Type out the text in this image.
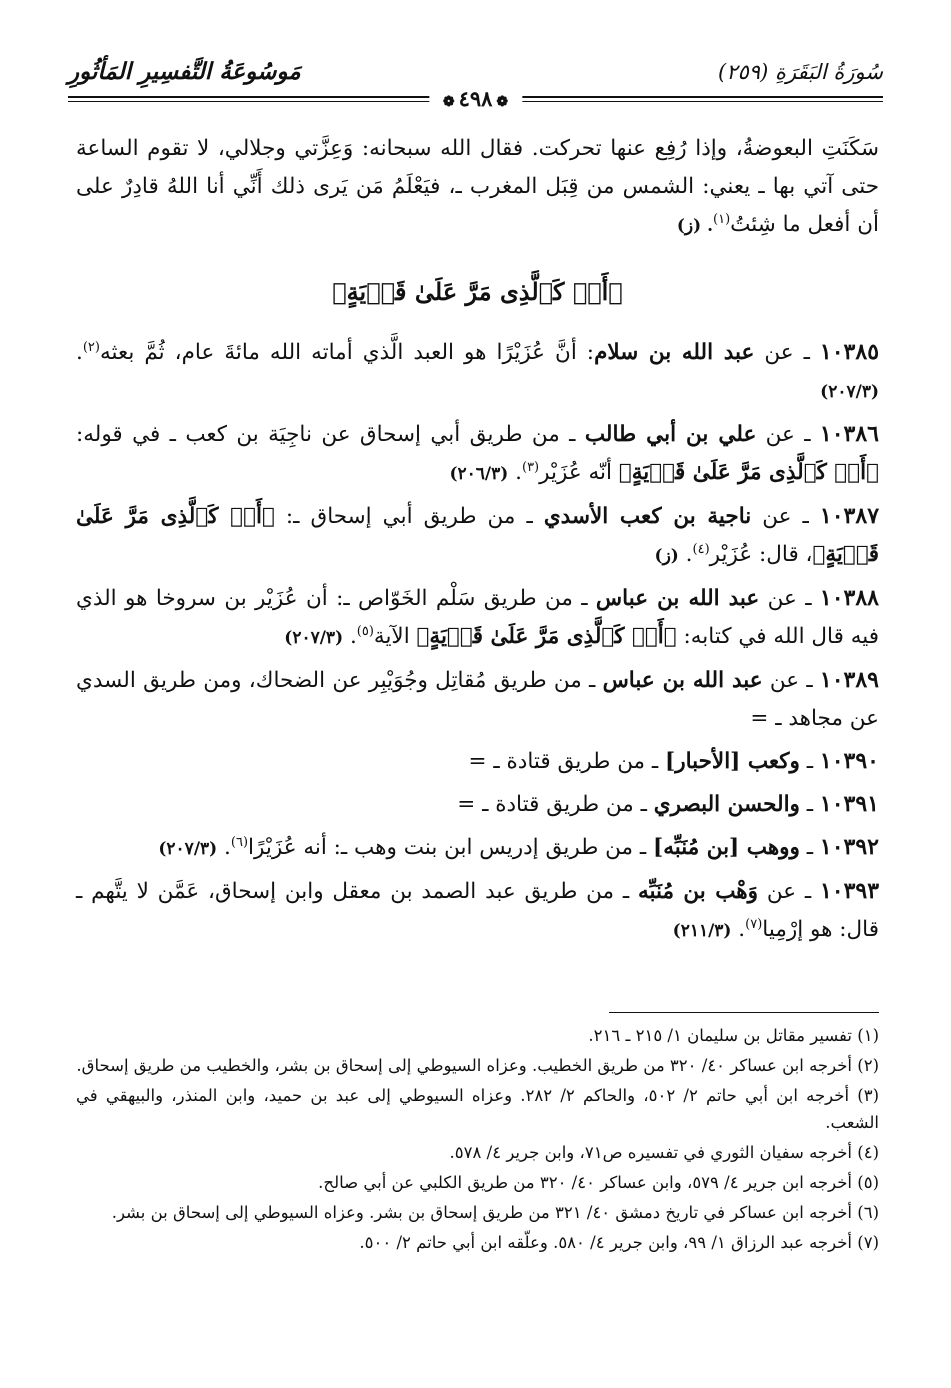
مَوسُوعَةُ التَّفسِيرِ المَأثُورِ	سُورَةُ البَقَرَةِ (٢٥٩)
❁ ٤٩٨ ❁

سَكَنَتِ البعوضةُ، وإذا رُفِع عنها تحركت. فقال الله سبحانه: وَعِزَّتي وجلالي، لا تقوم الساعة حتى آتي بها ـ يعني: الشمس من قِبَل المغرب ـ، فيَعْلَمُ مَن يَرى ذلك أَنِّي أنا اللهُ قادِرٌ على أن أفعل ما شِئتُ$^{(١)}$. (ز)

﴿أَوۡ كَٱلَّذِی مَرَّ عَلَىٰ قَرۡيَةٍ﴾

١٠٣٨٥ ـ عن عبد الله بن سلام: أنَّ عُزَيْرًا هو العبد الَّذي أماته الله مائةَ عام، ثُمَّ بعثه$^{(٢)}$. (٢٠٧/٣)

١٠٣٨٦ ـ عن علي بن أبي طالب ـ من طريق أبي إسحاق عن ناجِيَة بن كعب ـ في قوله: ﴿أَوۡ كَٱلَّذِی مَرَّ عَلَىٰ قَرۡيَةٍ﴾ أنّه عُزَيْر$^{(٣)}$. (٢٠٦/٣)

١٠٣٨٧ ـ عن ناجية بن كعب الأسدي ـ من طريق أبي إسحاق ـ: ﴿أَوۡ كَٱلَّذِی مَرَّ عَلَىٰ قَرۡيَةٍ﴾، قال: عُزَيْر$^{(٤)}$. (ز)

١٠٣٨٨ ـ عن عبد الله بن عباس ـ من طريق سَلْم الخَوّاص ـ: أن عُزَيْر بن سروخا هو الذي فيه قال الله في كتابه: ﴿أَوۡ كَٱلَّذِی مَرَّ عَلَىٰ قَرۡيَةٍ﴾ الآية$^{(٥)}$. (٢٠٧/٣)

١٠٣٨٩ ـ عن عبد الله بن عباس ـ من طريق مُقاتِل وجُوَيْبِر عن الضحاك، ومن طريق السدي عن مجاهد ـ =

١٠٣٩٠ ـ وكعب [الأحبار] ـ من طريق قتادة ـ =

١٠٣٩١ ـ والحسن البصري ـ من طريق قتادة ـ =

١٠٣٩٢ ـ ووهب [بن مُنَبِّه] ـ من طريق إدريس ابن بنت وهب ـ: أنه عُزَيْرًا$^{(٦)}$. (٢٠٧/٣)

١٠٣٩٣ ـ عن وَهْب بن مُنَبِّه ـ من طريق عبد الصمد بن معقل وابن إسحاق، عَمَّن لا يتَّهم ـ قال: هو إرْمِيا$^{(٧)}$. (٢١١/٣)

(١) تفسير مقاتل بن سليمان ١/ ٢١٥ ـ ٢١٦.

(٢) أخرجه ابن عساكر ٤٠/ ٣٢٠ من طريق الخطيب. وعزاه السيوطي إلى إسحاق بن بشر، والخطيب من طريق إسحاق.

(٣) أخرجه ابن أبي حاتم ٢/ ٥٠٢، والحاكم ٢/ ٢٨٢. وعزاه السيوطي إلى عبد بن حميد، وابن المنذر، والبيهقي في الشعب.

(٤) أخرجه سفيان الثوري في تفسيره ص٧١، وابن جرير ٤/ ٥٧٨.

(٥) أخرجه ابن جرير ٤/ ٥٧٩، وابن عساكر ٤٠/ ٣٢٠ من طريق الكلبي عن أبي صالح.

(٦) أخرجه ابن عساكر في تاريخ دمشق ٤٠/ ٣٢١ من طريق إسحاق بن بشر. وعزاه السيوطي إلى إسحاق بن بشر.

(٧) أخرجه عبد الرزاق ١/ ٩٩، وابن جرير ٤/ ٥٨٠. وعلّقه ابن أبي حاتم ٢/ ٥٠٠.
